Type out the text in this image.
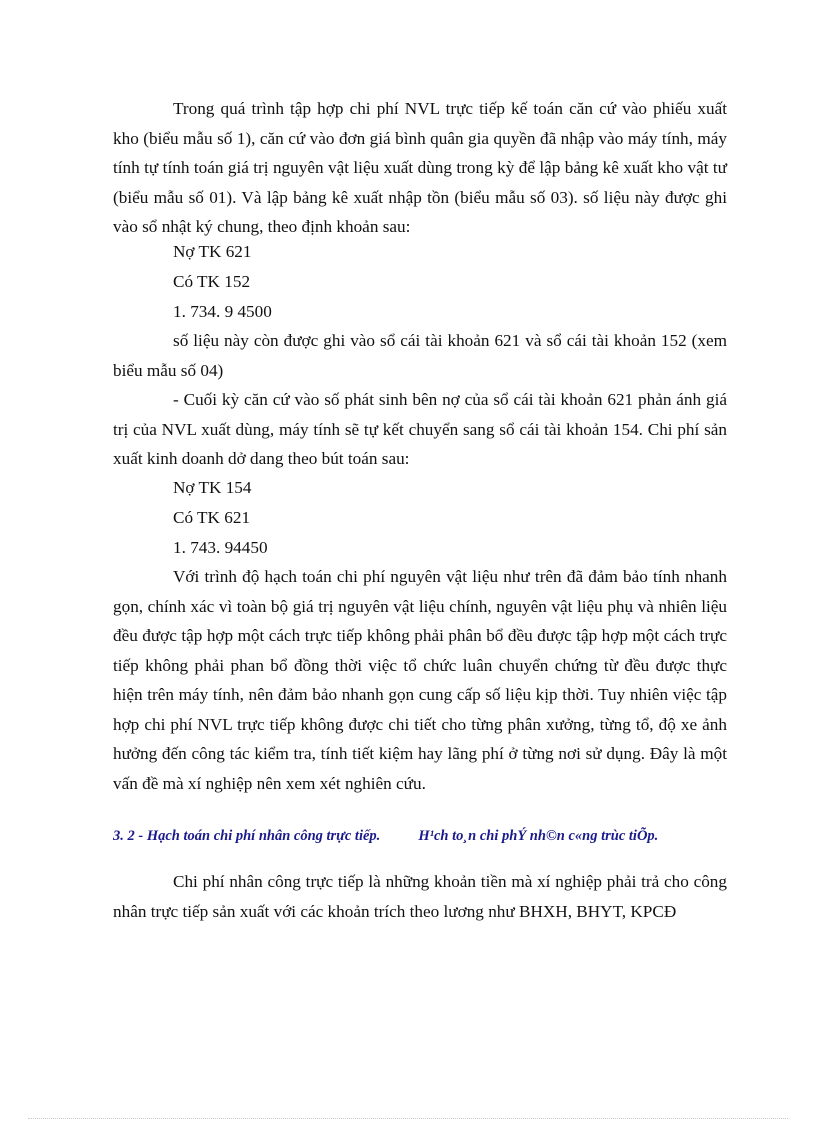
Trong quá trình tập hợp chi phí NVL trực tiếp kế toán căn cứ vào phiếu xuất kho (biểu mẫu số 1), căn cứ vào đơn giá bình quân gia quyền đã nhập vào máy tính, máy tính tự tính toán giá trị nguyên vật liệu xuất dùng trong kỳ để lập bảng kê xuất kho vật tư (biểu mẫu số 01). Và lập bảng kê xuất nhập tồn (biểu mẫu số 03). số liệu này được ghi vào sổ nhật ký chung, theo định khoản sau:

Nợ TK 621

Có TK 152

1. 734. 9 4500

số liệu này còn được ghi vào sổ cái tài khoản 621 và sổ cái tài khoản 152 (xem biểu mẫu số 04)

- Cuối kỳ căn cứ vào số phát sinh bên nợ của sổ cái tài khoản 621 phản ánh giá trị của NVL xuất dùng, máy tính sẽ tự kết chuyển sang sổ cái tài khoản 154. Chi phí sản xuất kinh doanh dở dang theo bút toán sau:

Nợ TK 154

Có TK 621

1. 743. 94450

Với trình độ hạch toán chi phí nguyên vật liệu như trên đã đảm bảo tính nhanh gọn, chính xác vì toàn bộ giá trị nguyên vật liệu chính, nguyên vật liệu phụ và nhiên liệu đều được tập hợp một cách trực tiếp không phải phân bổ đều được tập hợp một cách trực tiếp không phải phan bổ đồng thời việc tổ chức luân chuyển chứng từ đều được thực hiện trên máy tính, nên đảm bảo nhanh gọn cung cấp số liệu kịp thời. Tuy nhiên việc tập hợp chi phí NVL trực tiếp không được chi tiết cho từng phân xưởng, từng tổ, độ xe ảnh hưởng đến công tác kiểm tra, tính tiết kiệm hay lãng phí ở từng nơi sử dụng. Đây là một vấn đề mà xí nghiệp nên xem xét nghiên cứu.

3. 2 - Hạch toán chi phí nhân công trực tiếp.	H¹ch to¸n chi phÝ nh©n c«ng trùc tiÕp.

Chi phí nhân công trực tiếp là những khoản tiền mà xí nghiệp phải trả cho công nhân trực tiếp sản xuất với các khoản trích theo lương như BHXH, BHYT, KPCĐ
